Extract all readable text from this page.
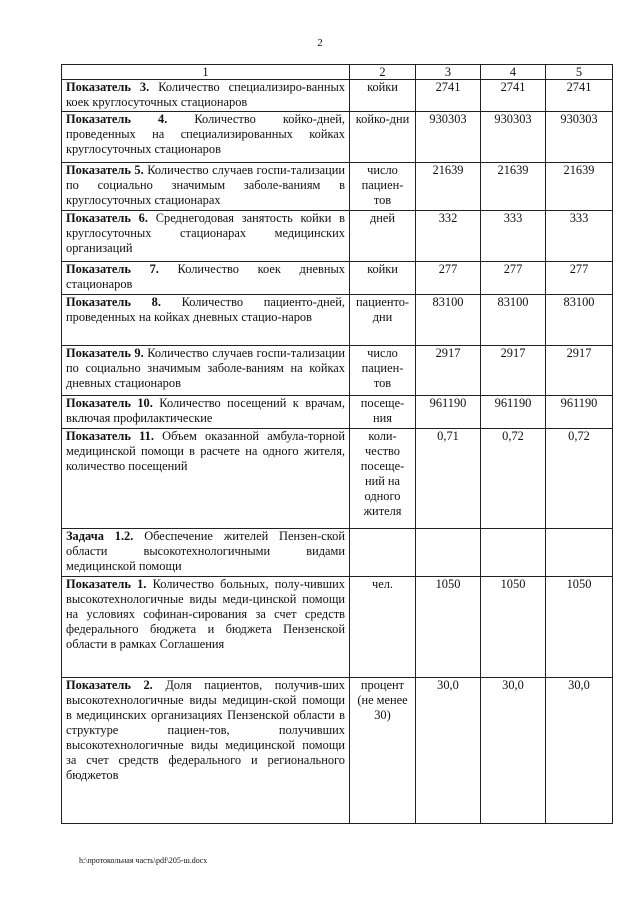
2
1	2	3	4	5
Показатель 3. Количество специализиро-ванных коек круглосуточных стационаров	койки	2741	2741	2741
Показатель 4. Количество койко-дней, проведенных на специализированных койках круглосуточных стационаров	койко-дни	930303	930303	930303
Показатель 5. Количество случаев госпи-тализации по социально значимым заболе-ваниям в круглосуточных стационарах	число пациен-тов	21639	21639	21639
Показатель 6. Среднегодовая занятость койки в круглосуточных стационарах медицинских организаций	дней	332	333	333
Показатель 7. Количество коек дневных стационаров	койки	277	277	277
Показатель 8. Количество пациенто-дней, проведенных на койках дневных стацио-наров	пациенто-дни	83100	83100	83100
Показатель 9. Количество случаев госпи-тализации по социально значимым заболе-ваниям на койках дневных стационаров	число пациен-тов	2917	2917	2917
Показатель 10. Количество посещений к врачам, включая профилактические	посеще-ния	961190	961190	961190
Показатель 11. Объем оказанной амбула-торной медицинской помощи в расчете на одного жителя, количество посещений	коли-чество посеще-ний на одного жителя	0,71	0,72	0,72
Задача 1.2. Обеспечение жителей Пензен-ской области высокотехнологичными видами медицинской помощи				
Показатель 1. Количество больных, полу-чивших высокотехнологичные виды меди-цинской помощи на условиях софинан-сирования за счет средств федерального бюджета и бюджета Пензенской области в рамках Соглашения	чел.	1050	1050	1050
Показатель 2. Доля пациентов, получив-ших высокотехнологичные виды медицин-ской помощи в медицинских организациях Пензенской области в структуре пациен-тов, получивших высокотехнологичные виды медицинской помощи за счет средств федерального и регионального бюджетов	процент (не менее 30)	30,0	30,0	30,0
h:\протокольная часть\pdf\205-ш.docx
